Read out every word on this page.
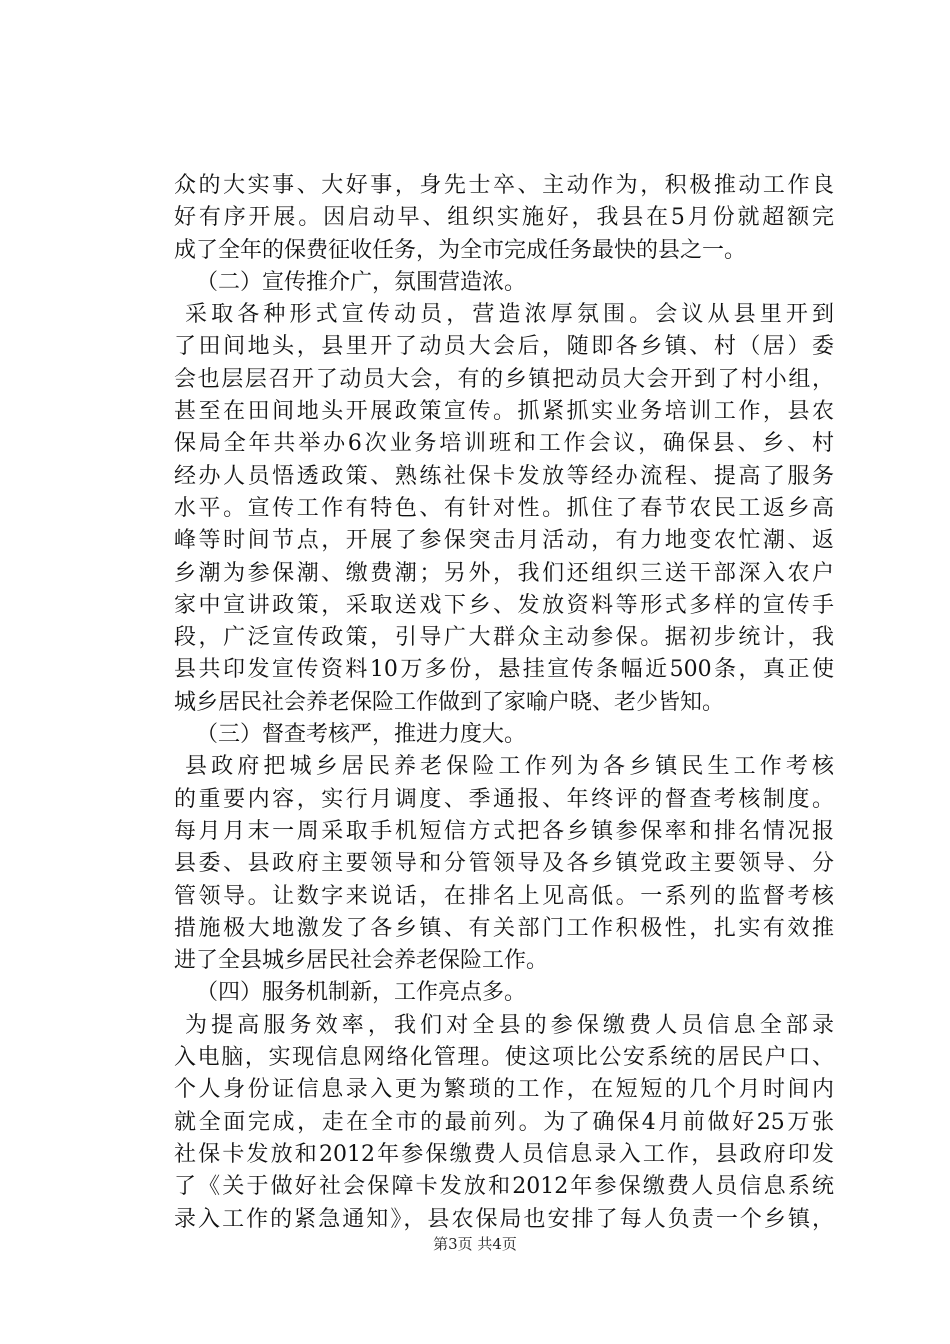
众的大实事、大好事，身先士卒、主动作为，积极推动工作良
好有序开展。因启动早、组织实施好，我县在5月份就超额完
成了全年的保费征收任务，为全市完成任务最快的县之一。
（二）宣传推介广，氛围营造浓。
采取各种形式宣传动员，营造浓厚氛围。会议从县里开到
了田间地头，县里开了动员大会后，随即各乡镇、村（居）委
会也层层召开了动员大会，有的乡镇把动员大会开到了村小组，
甚至在田间地头开展政策宣传。抓紧抓实业务培训工作，县农
保局全年共举办6次业务培训班和工作会议，确保县、乡、村
经办人员悟透政策、熟练社保卡发放等经办流程、提高了服务
水平。宣传工作有特色、有针对性。抓住了春节农民工返乡高
峰等时间节点，开展了参保突击月活动，有力地变农忙潮、返
乡潮为参保潮、缴费潮；另外，我们还组织三送干部深入农户
家中宣讲政策，采取送戏下乡、发放资料等形式多样的宣传手
段，广泛宣传政策，引导广大群众主动参保。据初步统计，我
县共印发宣传资料10万多份，悬挂宣传条幅近500条，真正使
城乡居民社会养老保险工作做到了家喻户晓、老少皆知。
（三）督查考核严，推进力度大。
县政府把城乡居民养老保险工作列为各乡镇民生工作考核
的重要内容，实行月调度、季通报、年终评的督查考核制度。
每月月末一周采取手机短信方式把各乡镇参保率和排名情况报
县委、县政府主要领导和分管领导及各乡镇党政主要领导、分
管领导。让数字来说话，在排名上见高低。一系列的监督考核
措施极大地激发了各乡镇、有关部门工作积极性，扎实有效推
进了全县城乡居民社会养老保险工作。
（四）服务机制新，工作亮点多。
为提高服务效率，我们对全县的参保缴费人员信息全部录
入电脑，实现信息网络化管理。使这项比公安系统的居民户口、
个人身份证信息录入更为繁琐的工作，在短短的几个月时间内
就全面完成，走在全市的最前列。为了确保4月前做好25万张
社保卡发放和2012年参保缴费人员信息录入工作，县政府印发
了《关于做好社会保障卡发放和2012年参保缴费人员信息系统
录入工作的紧急通知》，县农保局也安排了每人负责一个乡镇，
第3页 共4页
